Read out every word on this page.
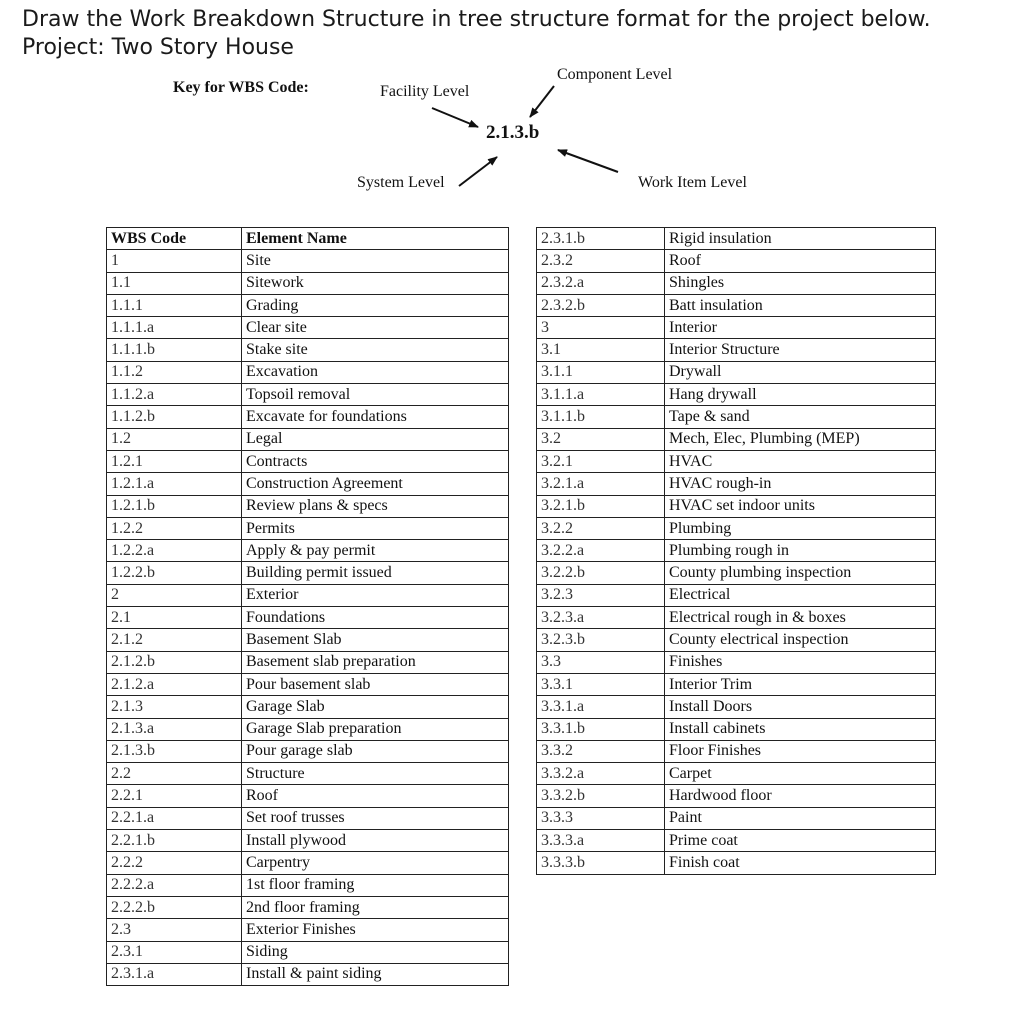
Draw the Work Breakdown Structure in tree structure format for the project below.
Project: Two Story House
Key for WBS Code:	Facility Level
Component Level
2.1.3.b
System Level	Work Item Level
WBS Code	Element Name
1	Site
1.1	Sitework
1.1.1	Grading
1.1.1.a	Clear site
1.1.1.b	Stake site
1.1.2	Excavation
1.1.2.a	Topsoil removal
1.1.2.b	Excavate for foundations
1.2	Legal
1.2.1	Contracts
1.2.1.a	Construction Agreement
1.2.1.b	Review plans & specs
1.2.2	Permits
1.2.2.a	Apply & pay permit
1.2.2.b	Building permit issued
2	Exterior
2.1	Foundations
2.1.2	Basement Slab
2.1.2.b	Basement slab preparation
2.1.2.a	Pour basement slab
2.1.3	Garage Slab
2.1.3.a	Garage Slab preparation
2.1.3.b	Pour garage slab
2.2	Structure
2.2.1	Roof
2.2.1.a	Set roof trusses
2.2.1.b	Install plywood
2.2.2	Carpentry
2.2.2.a	1st floor framing
2.2.2.b	2nd floor framing
2.3	Exterior Finishes
2.3.1	Siding
2.3.1.a	Install & paint siding
2.3.1.b	Rigid insulation
2.3.2	Roof
2.3.2.a	Shingles
2.3.2.b	Batt insulation
3	Interior
3.1	Interior Structure
3.1.1	Drywall
3.1.1.a	Hang drywall
3.1.1.b	Tape & sand
3.2	Mech, Elec, Plumbing (MEP)
3.2.1	HVAC
3.2.1.a	HVAC rough-in
3.2.1.b	HVAC set indoor units
3.2.2	Plumbing
3.2.2.a	Plumbing rough in
3.2.2.b	County plumbing inspection
3.2.3	Electrical
3.2.3.a	Electrical rough in & boxes
3.2.3.b	County electrical inspection
3.3	Finishes
3.3.1	Interior Trim
3.3.1.a	Install Doors
3.3.1.b	Install cabinets
3.3.2	Floor Finishes
3.3.2.a	Carpet
3.3.2.b	Hardwood floor
3.3.3	Paint
3.3.3.a	Prime coat
3.3.3.b	Finish coat
